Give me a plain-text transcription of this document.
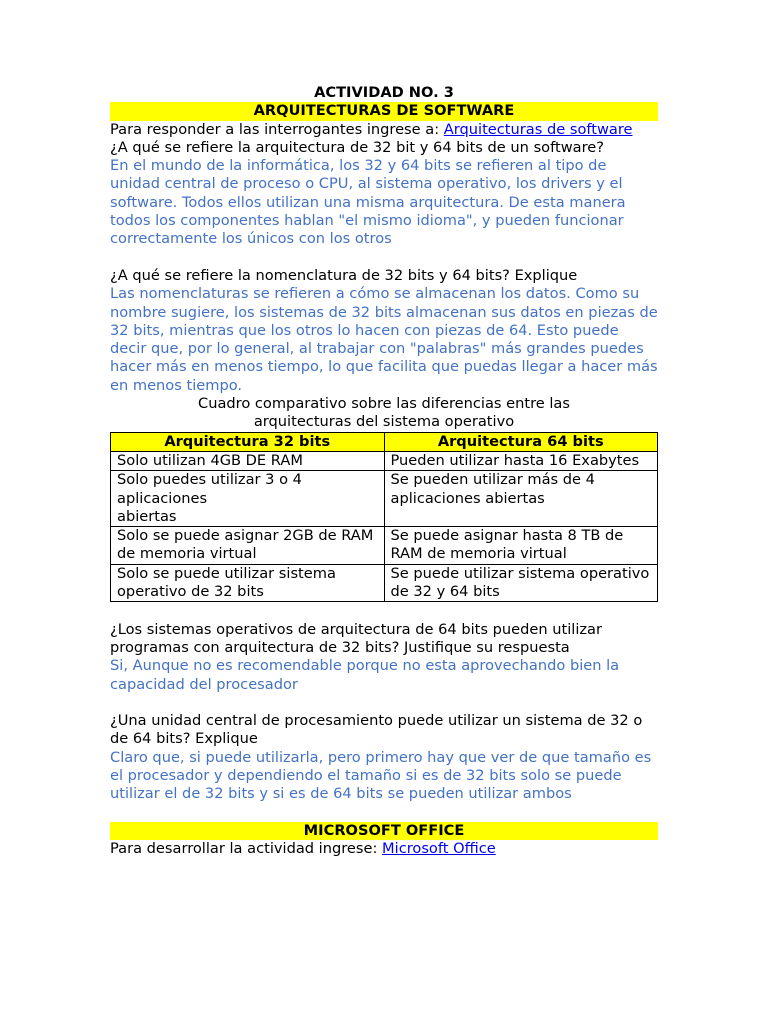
ACTIVIDAD NO. 3

ARQUITECTURAS DE SOFTWARE

Para responder a las interrogantes ingrese a: Arquitecturas de software

¿A qué se refiere la arquitectura de 32 bit y 64 bits de un software?

En el mundo de la informática, los 32 y 64 bits se refieren al tipo de unidad central de proceso o CPU, al sistema operativo, los drivers y el software. Todos ellos utilizan una misma arquitectura. De esta manera todos los componentes hablan "el mismo idioma", y pueden funcionar correctamente los únicos con los otros

¿A qué se refiere la nomenclatura de 32 bits y 64 bits? Explique

Las nomenclaturas se refieren a cómo se almacenan los datos. Como su nombre sugiere, los sistemas de 32 bits almacenan sus datos en piezas de 32 bits, mientras que los otros lo hacen con piezas de 64. Esto puede decir que, por lo general, al trabajar con "palabras" más grandes puedes hacer más en menos tiempo, lo que facilita que puedas llegar a hacer más en menos tiempo.

Cuadro comparativo sobre las diferencias entre las arquitecturas del sistema operativo

Arquitectura 32 bits	Arquitectura 64 bits
Solo utilizan 4GB DE RAM	Pueden utilizar hasta 16 Exabytes
Solo puedes utilizar 3 o 4 aplicaciones
abiertas	Se pueden utilizar más de 4 aplicaciones abiertas
Solo se puede asignar 2GB de RAM de memoria virtual	Se puede asignar hasta 8 TB de RAM de memoria virtual
Solo se puede utilizar sistema operativo de 32 bits	Se puede utilizar sistema operativo de 32 y 64 bits

¿Los sistemas operativos de arquitectura de 64 bits pueden utilizar programas con arquitectura de 32 bits? Justifique su respuesta

Si, Aunque no es recomendable porque no esta aprovechando bien la capacidad del procesador

¿Una unidad central de procesamiento puede utilizar un sistema de 32 o de 64 bits? Explique

Claro que, si puede utilizarla, pero primero hay que ver de que tamaño es el procesador y dependiendo el tamaño si es de 32 bits solo se puede utilizar el de 32 bits y si es de 64 bits se pueden utilizar ambos

MICROSOFT OFFICE

Para desarrollar la actividad ingrese: Microsoft Office
